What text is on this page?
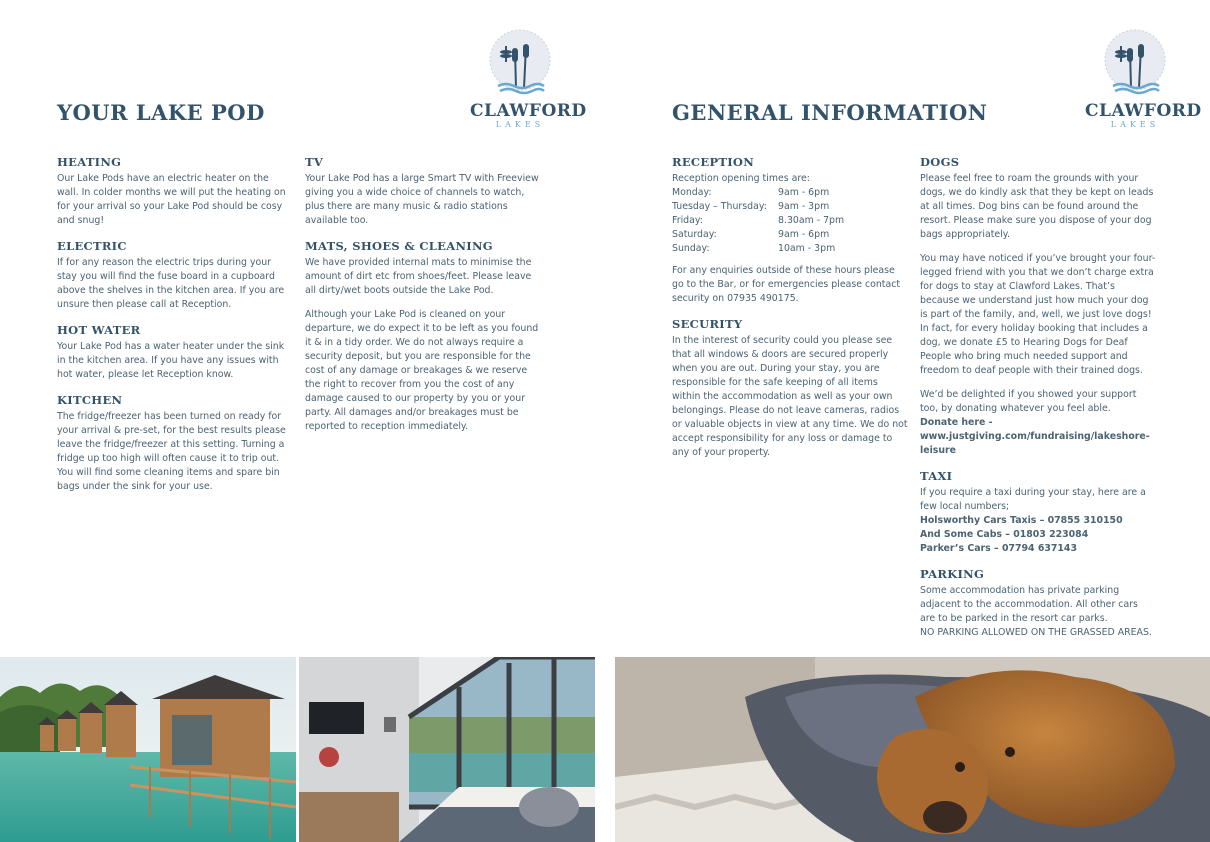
YOUR LAKE POD	CLAWFORD
LAKES
HEATING

Our Lake Pods have an electric heater on the wall. In colder months we will put the heating on for your arrival so your Lake Pod should be cosy and snug!

ELECTRIC

If for any reason the electric trips during your stay you will find the fuse board in a cupboard above the shelves in the kitchen area. If you are unsure then please call at Reception.

HOT WATER

Your Lake Pod has a water heater under the sink in the kitchen area. If you have any issues with hot water, please let Reception know.

KITCHEN

The fridge/freezer has been turned on ready for your arrival & pre-set, for the best results please leave the fridge/freezer at this setting. Turning a fridge up too high will often cause it to trip out. You will find some cleaning items and spare bin bags under the sink for your use.

TV

Your Lake Pod has a large Smart TV with Freeview giving you a wide choice of channels to watch, plus there are many music & radio stations available too.

MATS, SHOES & CLEANING

We have provided internal mats to minimise the amount of dirt etc from shoes/feet. Please leave all dirty/wet boots outside the Lake Pod.

Although your Lake Pod is cleaned on your departure, we do expect it to be left as you found it & in a tidy order. We do not always require a security deposit, but you are responsible for the cost of any damage or breakages & we reserve the right to recover from you the cost of any damage caused to our property by you or your party. All damages and/or breakages must be reported to reception immediately.

GENERAL INFORMATION	CLAWFORD
LAKES
RECEPTION
Reception opening times are:
Monday:	9am - 6pm
Tuesday – Thursday:	9am - 3pm
Friday:	8.30am - 7pm
Saturday:	9am - 6pm
Sunday:	10am - 3pm

For any enquiries outside of these hours please go to the Bar, or for emergencies please contact security on 07935 490175.

SECURITY

In the interest of security could you please see that all windows & doors are secured properly when you are out. During your stay, you are responsible for the safe keeping of all items within the accommodation as well as your own belongings. Please do not leave cameras, radios or valuable objects in view at any time. We do not accept responsibility for any loss or damage to any of your property.

DOGS

Please feel free to roam the grounds with your dogs, we do kindly ask that they be kept on leads at all times. Dog bins can be found around the resort. Please make sure you dispose of your dog bags appropriately.

You may have noticed if you’ve brought your four-legged friend with you that we don’t charge extra for dogs to stay at Clawford Lakes. That’s because we understand just how much your dog is part of the family, and, well, we just love dogs! In fact, for every holiday booking that includes a dog, we donate £5 to Hearing Dogs for Deaf People who bring much needed support and freedom to deaf people with their trained dogs.

We’d be delighted if you showed your support too, by donating whatever you feel able.

Donate here - www.justgiving.com/fundraising/lakeshore-leisure

TAXI
If you require a taxi during your stay, here are a few local numbers;
Holsworthy Cars Taxis – 07855 310150
And Some Cabs – 01803 223084
Parker’s Cars – 07794 637143
PARKING
Some accommodation has private parking adjacent to the accommodation. All other cars are to be parked in the resort car parks.
NO PARKING ALLOWED ON THE GRASSED AREAS.
